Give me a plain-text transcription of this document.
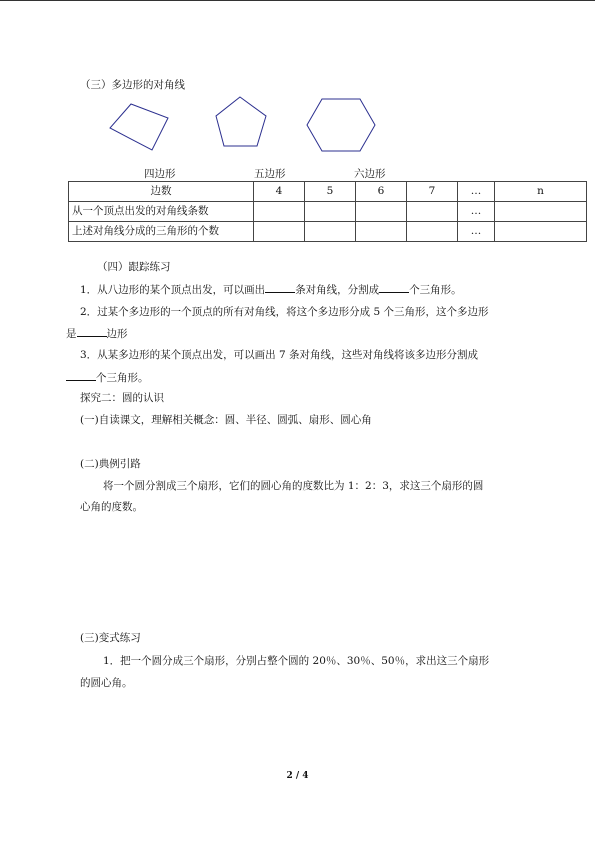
（三）多边形的对角线
四边形	五边形	六边形
边数	4	5	6	7	…	n
从一个顶点出发的对角线条数					…	
上述对角线分成的三角形的个数					…	
（四）跟踪练习
1．从八边形的某个顶点出发，可以画出	条对角线，分割成	个三角形。
2．过某个多边形的一个顶点的所有对角线，将这个多边形分成 5 个三角形，这个多边形
是	边形
3．从某多边形的某个顶点出发，可以画出 7 条对角线，这些对角线将该多边形分割成
个三角形。
探究二：圆的认识
(一)自读课文，理解相关概念：圆、半径、圆弧、扇形、圆心角
(二)典例引路
将一个圆分割成三个扇形，它们的圆心角的度数比为 1：2：3，求这三个扇形的圆
心角的度数。
(三)变式练习
1．把一个圆分成三个扇形，分别占整个圆的 20％、30％、50％，求出这三个扇形
的圆心角。
2 / 4
